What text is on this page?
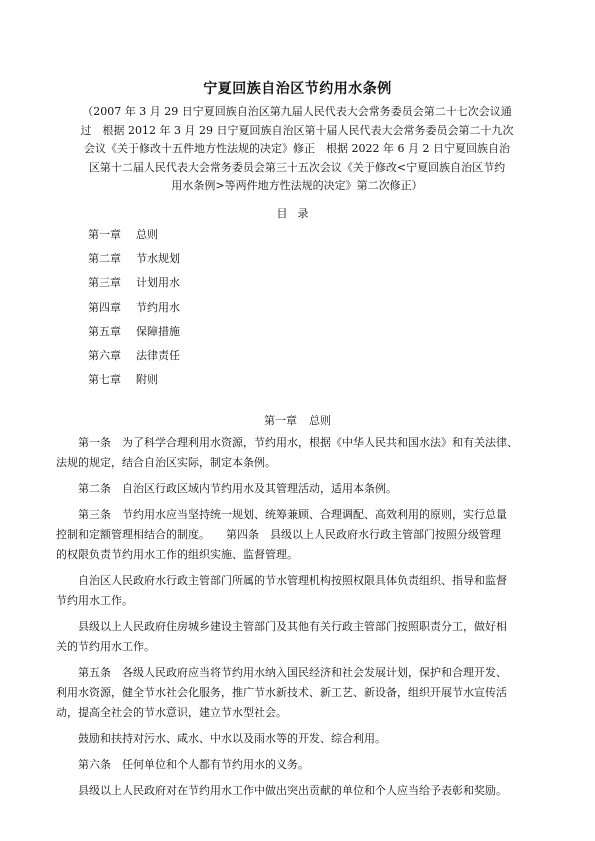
宁夏回族自治区节约用水条例
（2007 年 3 月 29 日宁夏回族自治区第九届人民代表大会常务委员会第二十七次会议通
过　根据 2012 年 3 月 29 日宁夏回族自治区第十届人民代表大会常务委员会第二十九次
会议《关于修改十五件地方性法规的决定》修正　根据 2022 年 6 月 2 日宁夏回族自治
区第十二届人民代表大会常务委员会第三十五次会议《关于修改<宁夏回族自治区节约
用水条例>等两件地方性法规的决定》第二次修正）
目录
第一章 总则
第二章 节水规划
第三章 计划用水
第四章 节约用水
第五章 保障措施
第六章 法律责任
第七章 附则
第一章 总则

第一条　为了科学合理利用水资源，节约用水，根据《中华人民共和国水法》和有关法律、
法规的规定，结合自治区实际，制定本条例。

第二条　自治区行政区域内节约用水及其管理活动，适用本条例。

第三条　节约用水应当坚持统一规划、统筹兼顾、合理调配、高效利用的原则，实行总量
控制和定额管理相结合的制度。 第四条　县级以上人民政府水行政主管部门按照分级管理
的权限负责节约用水工作的组织实施、监督管理。

自治区人民政府水行政主管部门所属的节水管理机构按照权限具体负责组织、指导和监督
节约用水工作。

县级以上人民政府住房城乡建设主管部门及其他有关行政主管部门按照职责分工，做好相
关的节约用水工作。

第五条　各级人民政府应当将节约用水纳入国民经济和社会发展计划，保护和合理开发、
利用水资源，健全节水社会化服务，推广节水新技术、新工艺、新设备，组织开展节水宣传活
动，提高全社会的节水意识，建立节水型社会。

鼓励和扶持对污水、咸水、中水以及雨水等的开发、综合利用。

第六条　任何单位和个人都有节约用水的义务。

县级以上人民政府对在节约用水工作中做出突出贡献的单位和个人应当给予表彰和奖励。
